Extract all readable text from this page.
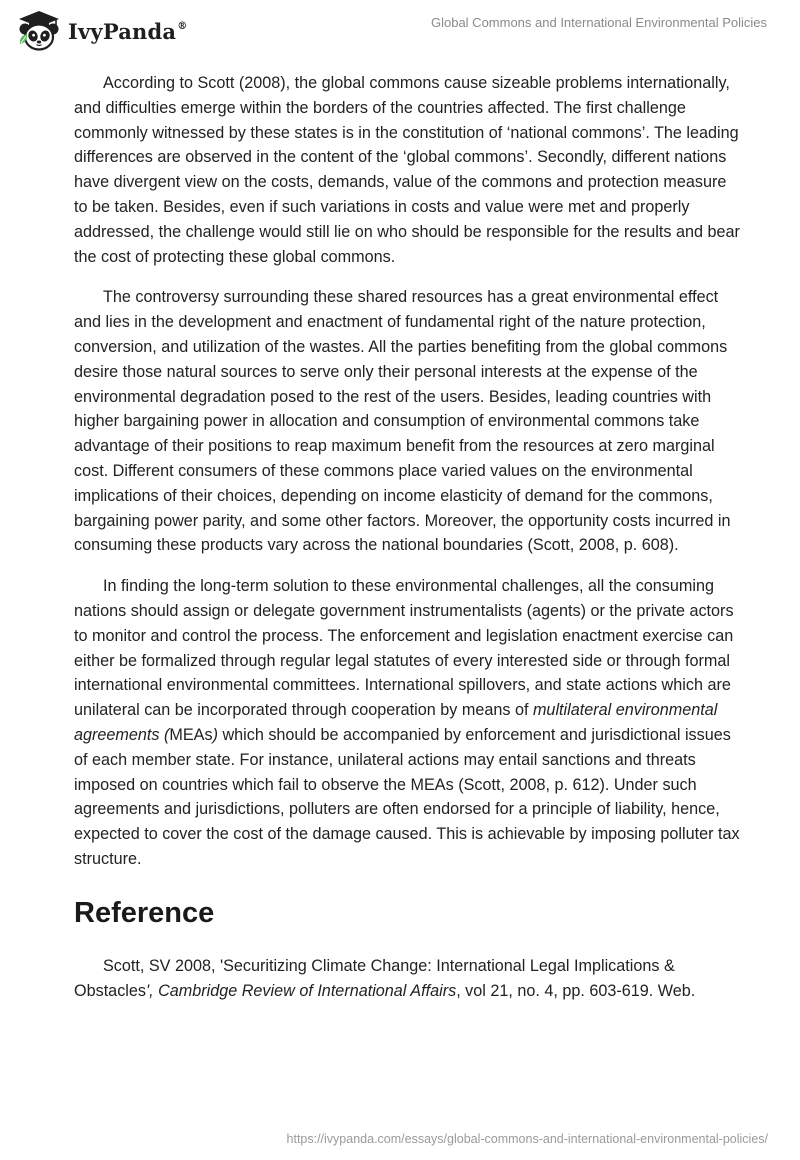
IvyPanda®	Global Commons and International Environmental Policies

According to Scott (2008), the global commons cause sizeable problems internationally, and difficulties emerge within the borders of the countries affected. The first challenge commonly witnessed by these states is in the constitution of ‘national commons’. The leading differences are observed in the content of the ‘global commons’. Secondly, different nations have divergent view on the costs, demands, value of the commons and protection measure to be taken. Besides, even if such variations in costs and value were met and properly addressed, the challenge would still lie on who should be responsible for the results and bear the cost of protecting these global commons.

The controversy surrounding these shared resources has a great environmental effect and lies in the development and enactment of fundamental right of the nature protection, conversion, and utilization of the wastes. All the parties benefiting from the global commons desire those natural sources to serve only their personal interests at the expense of the environmental degradation posed to the rest of the users. Besides, leading countries with higher bargaining power in allocation and consumption of environmental commons take advantage of their positions to reap maximum benefit from the resources at zero marginal cost. Different consumers of these commons place varied values on the environmental implications of their choices, depending on income elasticity of demand for the commons, bargaining power parity, and some other factors. Moreover, the opportunity costs incurred in consuming these products vary across the national boundaries (Scott, 2008, p. 608).

In finding the long-term solution to these environmental challenges, all the consuming nations should assign or delegate government instrumentalists (agents) or the private actors to monitor and control the process. The enforcement and legislation enactment exercise can either be formalized through regular legal statutes of every interested side or through formal international environmental committees. International spillovers, and state actions which are unilateral can be incorporated through cooperation by means of multilateral environmental agreements (MEAs) which should be accompanied by enforcement and jurisdictional issues of each member state. For instance, unilateral actions may entail sanctions and threats imposed on countries which fail to observe the MEAs (Scott, 2008, p. 612). Under such agreements and jurisdictions, polluters are often endorsed for a principle of liability, hence, expected to cover the cost of the damage caused. This is achievable by imposing polluter tax structure.

Reference

Scott, SV 2008, 'Securitizing Climate Change: International Legal Implications & Obstacles', Cambridge Review of International Affairs, vol 21, no. 4, pp. 603-619. Web.

https://ivypanda.com/essays/global-commons-and-international-environmental-policies/
